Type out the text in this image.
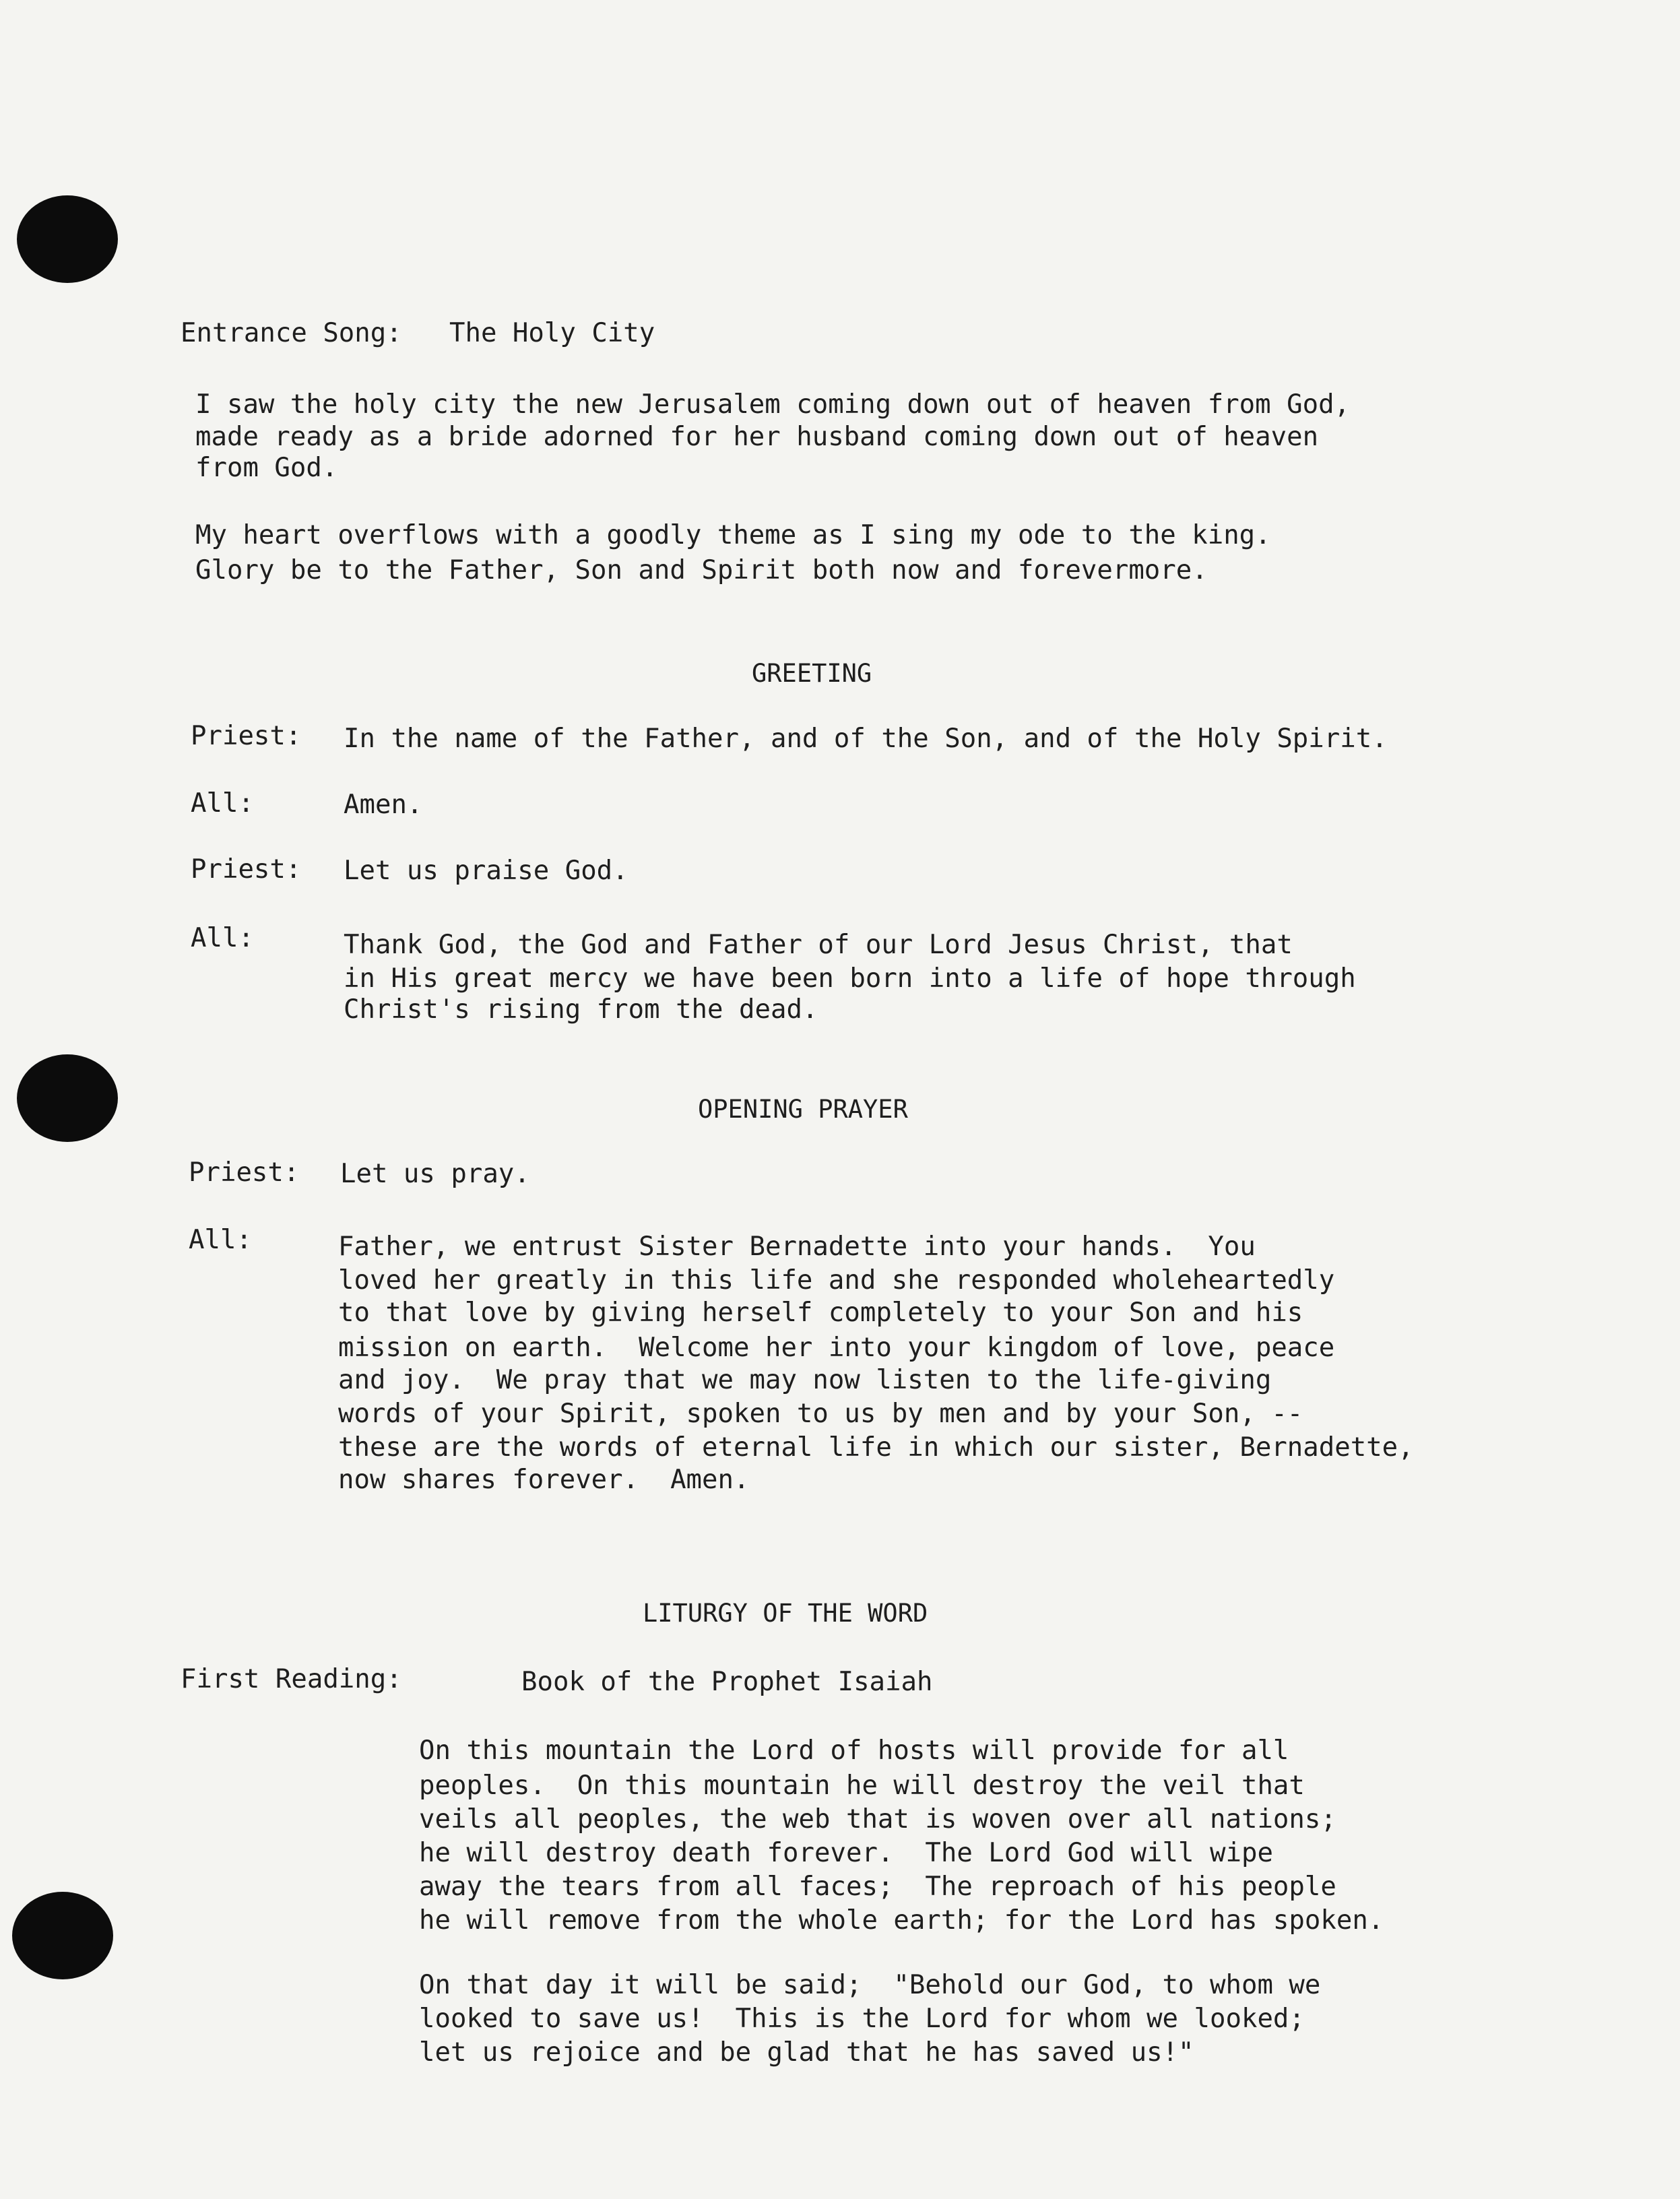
Entrance Song: The Holy City
I saw the holy city the new Jerusalem coming down out of heaven from God,
made ready as a bride adorned for her husband coming down out of heaven
from God.
My heart overflows with a goodly theme as I sing my ode to the king.
Glory be to the Father, Son and Spirit both now and forevermore.
GREETING
Priest: In the name of the Father, and of the Son, and of the Holy Spirit.
All:	Amen.
Priest: Let us praise God.
All:	Thank God, the God and Father of our Lord Jesus Christ, that
in His great mercy we have been born into a life of hope through
Christ's rising from the dead.
OPENING PRAYER
Priest: Let us pray.
All:	Father, we entrust Sister Bernadette into your hands.  You
loved her greatly in this life and she responded wholeheartedly
to that love by giving herself completely to your Son and his
mission on earth.  Welcome her into your kingdom of love, peace
and joy.  We pray that we may now listen to the life-giving
words of your Spirit, spoken to us by men and by your Son, --
these are the words of eternal life in which our sister, Bernadette,
now shares forever.  Amen.
LITURGY OF THE WORD
First Reading:	Book of the Prophet Isaiah
On this mountain the Lord of hosts will provide for all
peoples.  On this mountain he will destroy the veil that
veils all peoples, the web that is woven over all nations;
he will destroy death forever.  The Lord God will wipe
away the tears from all faces;  The reproach of his people
he will remove from the whole earth; for the Lord has spoken.
On that day it will be said;  "Behold our God, to whom we
looked to save us!  This is the Lord for whom we looked;
let us rejoice and be glad that he has saved us!"
